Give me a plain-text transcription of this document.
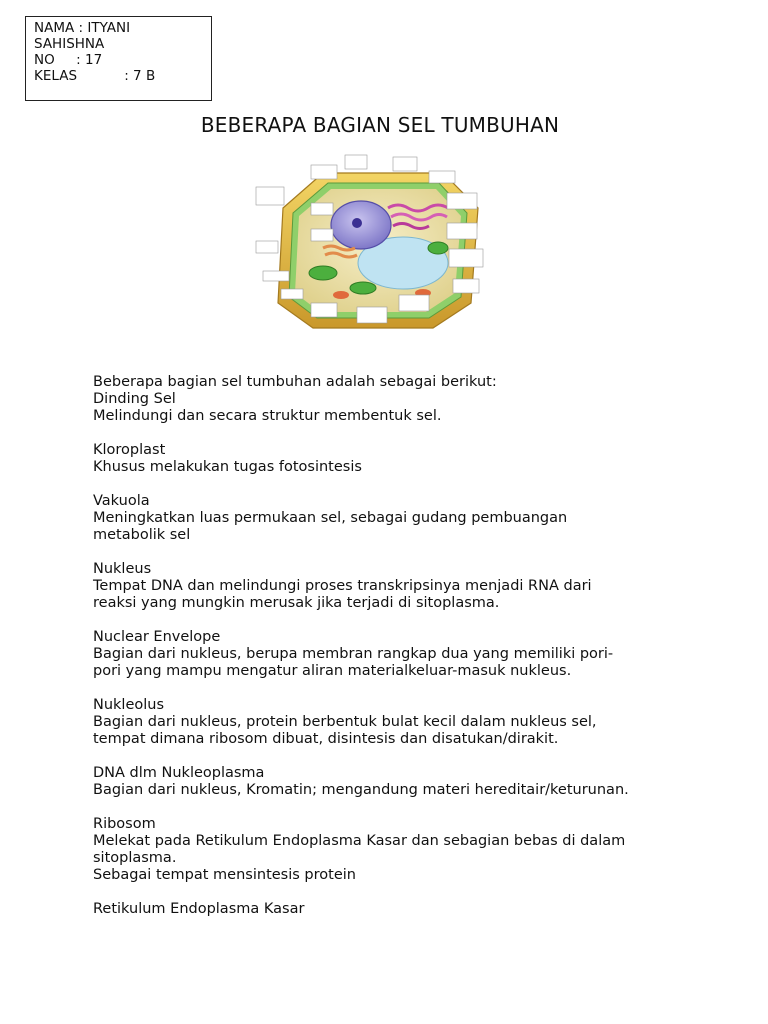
NAMA : ITYANI
SAHISHNA
NO     : 17
KELAS           : 7 B
BEBERAPA BAGIAN SEL TUMBUHAN

Beberapa bagian sel tumbuhan adalah sebagai berikut:

Dinding Sel

Melindungi dan secara struktur membentuk sel.

Kloroplast

Khusus melakukan tugas fotosintesis

Vakuola

Meningkatkan luas permukaan sel, sebagai gudang pembuangan

metabolik sel

Nukleus

Tempat DNA dan melindungi proses transkripsinya menjadi RNA dari

reaksi yang mungkin merusak jika terjadi di sitoplasma.

Nuclear Envelope

Bagian dari nukleus, berupa membran rangkap dua yang memiliki pori-

pori yang mampu mengatur aliran materialkeluar-masuk nukleus.

Nukleolus

Bagian dari nukleus, protein berbentuk bulat kecil dalam nukleus sel,

tempat dimana ribosom dibuat, disintesis dan disatukan/dirakit.

DNA dlm Nukleoplasma

Bagian dari nukleus, Kromatin; mengandung materi hereditair/keturunan.

Ribosom

Melekat pada Retikulum Endoplasma Kasar dan sebagian bebas di dalam

sitoplasma.

Sebagai tempat mensintesis protein

Retikulum Endoplasma Kasar
